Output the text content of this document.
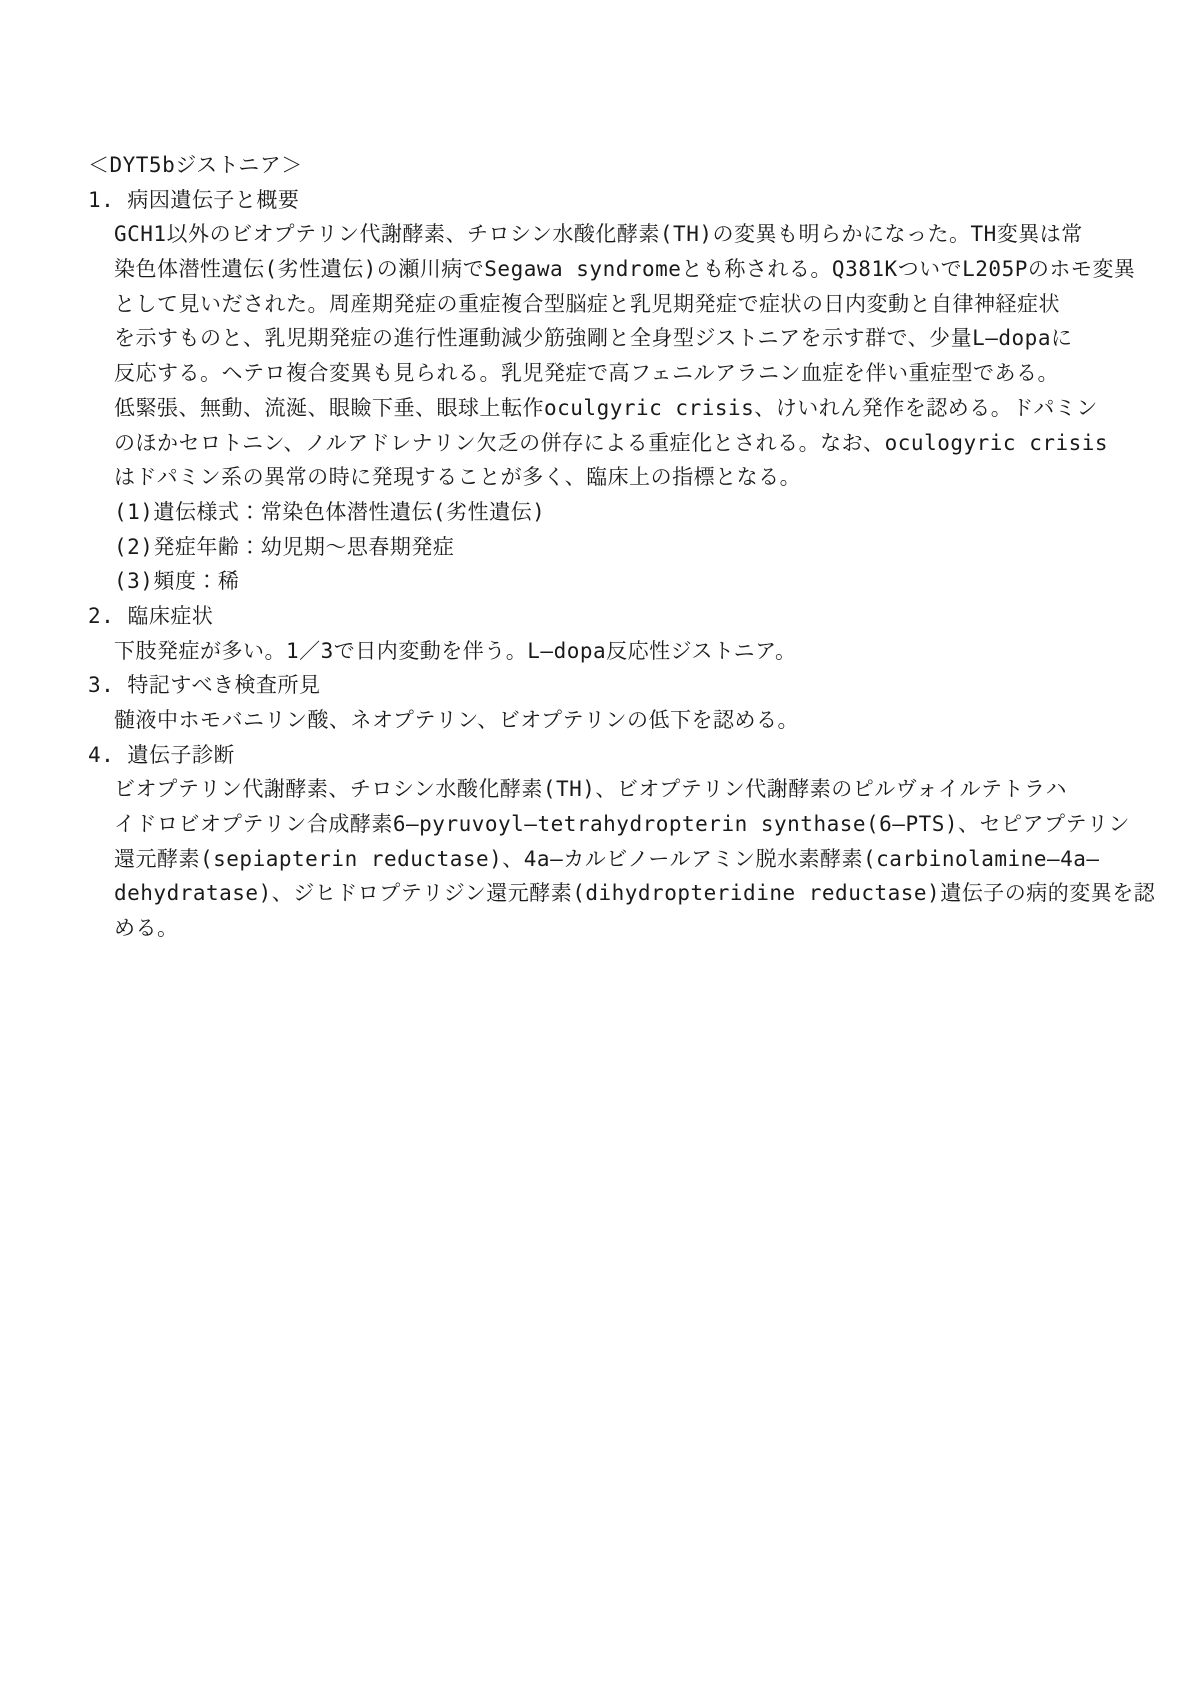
＜DYT5bジストニア＞
1. 病因遺伝子と概要
GCH1以外のビオプテリン代謝酵素、チロシン水酸化酵素(TH)の変異も明らかになった。TH変異は常
染色体潜性遺伝(劣性遺伝)の瀬川病でSegawa syndromeとも称される。Q381KついでL205Pのホモ変異
として見いだされた。周産期発症の重症複合型脳症と乳児期発症で症状の日内変動と自律神経症状
を示すものと、乳児期発症の進行性運動減少筋強剛と全身型ジストニアを示す群で、少量L―dopaに
反応する。ヘテロ複合変異も見られる。乳児発症で高フェニルアラニン血症を伴い重症型である。
低緊張、無動、流涎、眼瞼下垂、眼球上転作oculgyric crisis、けいれん発作を認める。ドパミン
のほかセロトニン、ノルアドレナリン欠乏の併存による重症化とされる。なお、oculogyric crisis
はドパミン系の異常の時に発現することが多く、臨床上の指標となる。
(1)遺伝様式：常染色体潜性遺伝(劣性遺伝)
(2)発症年齢：幼児期～思春期発症
(3)頻度：稀
2. 臨床症状
下肢発症が多い。1／3で日内変動を伴う。L―dopa反応性ジストニア。
3. 特記すべき検査所見
髄液中ホモバニリン酸、ネオプテリン、ビオプテリンの低下を認める。
4. 遺伝子診断
ビオプテリン代謝酵素、チロシン水酸化酵素(TH)、ビオプテリン代謝酵素のピルヴォイルテトラハ
イドロビオプテリン合成酵素6―pyruvoyl―tetrahydropterin synthase(6―PTS)、セピアプテリン
還元酵素(sepiapterin reductase)、4a―カルビノールアミン脱水素酵素(carbinolamine―4a―
dehydratase)、ジヒドロプテリジン還元酵素(dihydropteridine reductase)遺伝子の病的変異を認
める。
